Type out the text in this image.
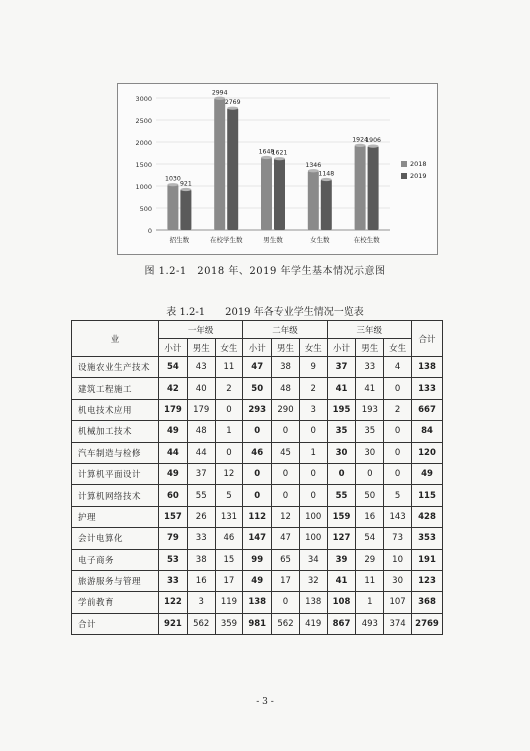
0
500
1000
1500
2000
2500
3000
1030
921
招生数
2994
2769
在校学生数
1648
1621
男生数
1346
1148
女生数
1924
1906
在校生数
2018
2019
图 1.2-1　2018 年、2019 年学生基本情况示意图
表 1.2-1　　2019 年各专业学生情况一览表
业	一年级			二年级			三年级			合计
	小计	男生	女生	小计	男生	女生	小计	男生	女生	
设施农业生产技术	54	43	11	47	38	9	37	33	4	138
建筑工程施工	42	40	2	50	48	2	41	41	0	133
机电技术应用	179	179	0	293	290	3	195	193	2	667
机械加工技术	49	48	1	0	0	0	35	35	0	84
汽车制造与检修	44	44	0	46	45	1	30	30	0	120
计算机平面设计	49	37	12	0	0	0	0	0	0	49
计算机网络技术	60	55	5	0	0	0	55	50	5	115
护理	157	26	131	112	12	100	159	16	143	428
会计电算化	79	33	46	147	47	100	127	54	73	353
电子商务	53	38	15	99	65	34	39	29	10	191
旅游服务与管理	33	16	17	49	17	32	41	11	30	123
学前教育	122	3	119	138	0	138	108	1	107	368
合计	921	562	359	981	562	419	867	493	374	2769
- 3 -
